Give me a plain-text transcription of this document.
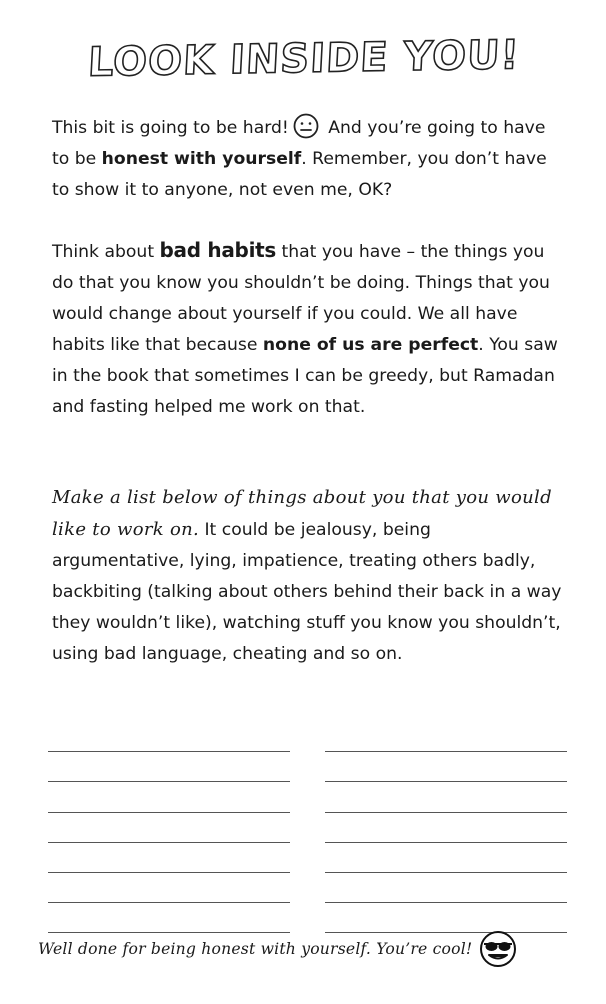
LOOK INSIDE YOU!

This bit is going to be hard! And you’re going to have to be honest with yourself. Remember, you don’t have to show it to anyone, not even me, OK?

Think about bad habits that you have – the things you do that you know you shouldn’t be doing. Things that you would change about yourself if you could. We all have habits like that because none of us are perfect. You saw in the book that sometimes I can be greedy, but Ramadan and fasting helped me work on that.

Make a list below of things about you that you would like to work on. It could be jealousy, being argumentative, lying, impatience, treating others badly, backbiting (talking about others behind their back in a way they wouldn’t like), watching stuff you know you shouldn’t, using bad language, cheating and so on.

Well done for being honest with yourself. You’re cool!
